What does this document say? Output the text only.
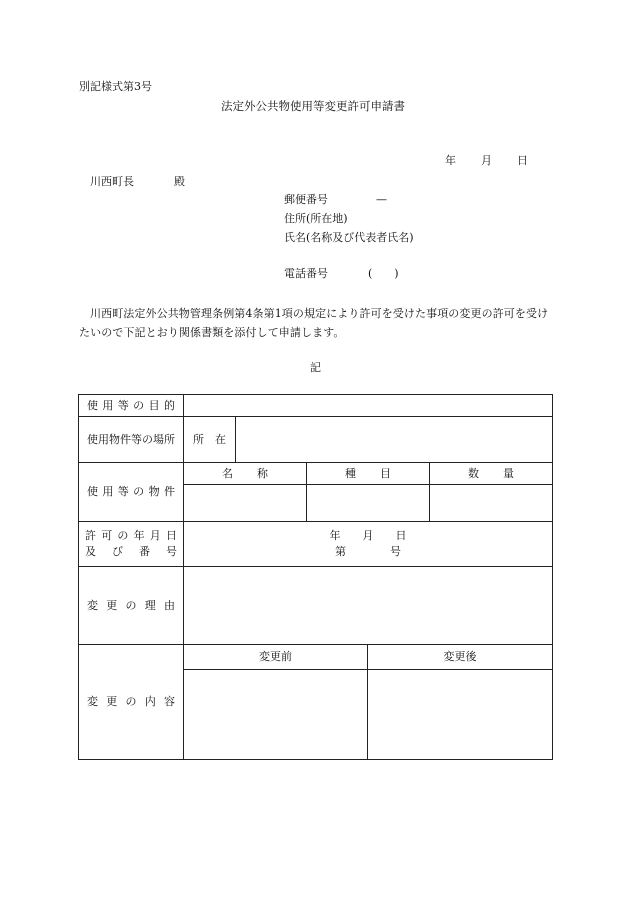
別記様式第3号
法定外公共物使用等変更許可申請書
年 月 日
川西町長	殿
郵便番号	—
住所(所在地)
氏名(名称及び代表者氏名)
電話番号	(　　)
川西町法定外公共物管理条例第4条第1項の規定により許可を受けた事項の変更の許可を受けたいので下記とおり関係書類を添付して申請します。
記
使 用 等 の 目 的
使用物件等の場所	所 在
使 用 等 の 物 件
名 称	種 目	数 量
許 可 の 年 月 日
及 び 番 号
年　　月　　日
第　　　　号
変 更 の 理 由
変 更 の 内 容
変更前	変更後
